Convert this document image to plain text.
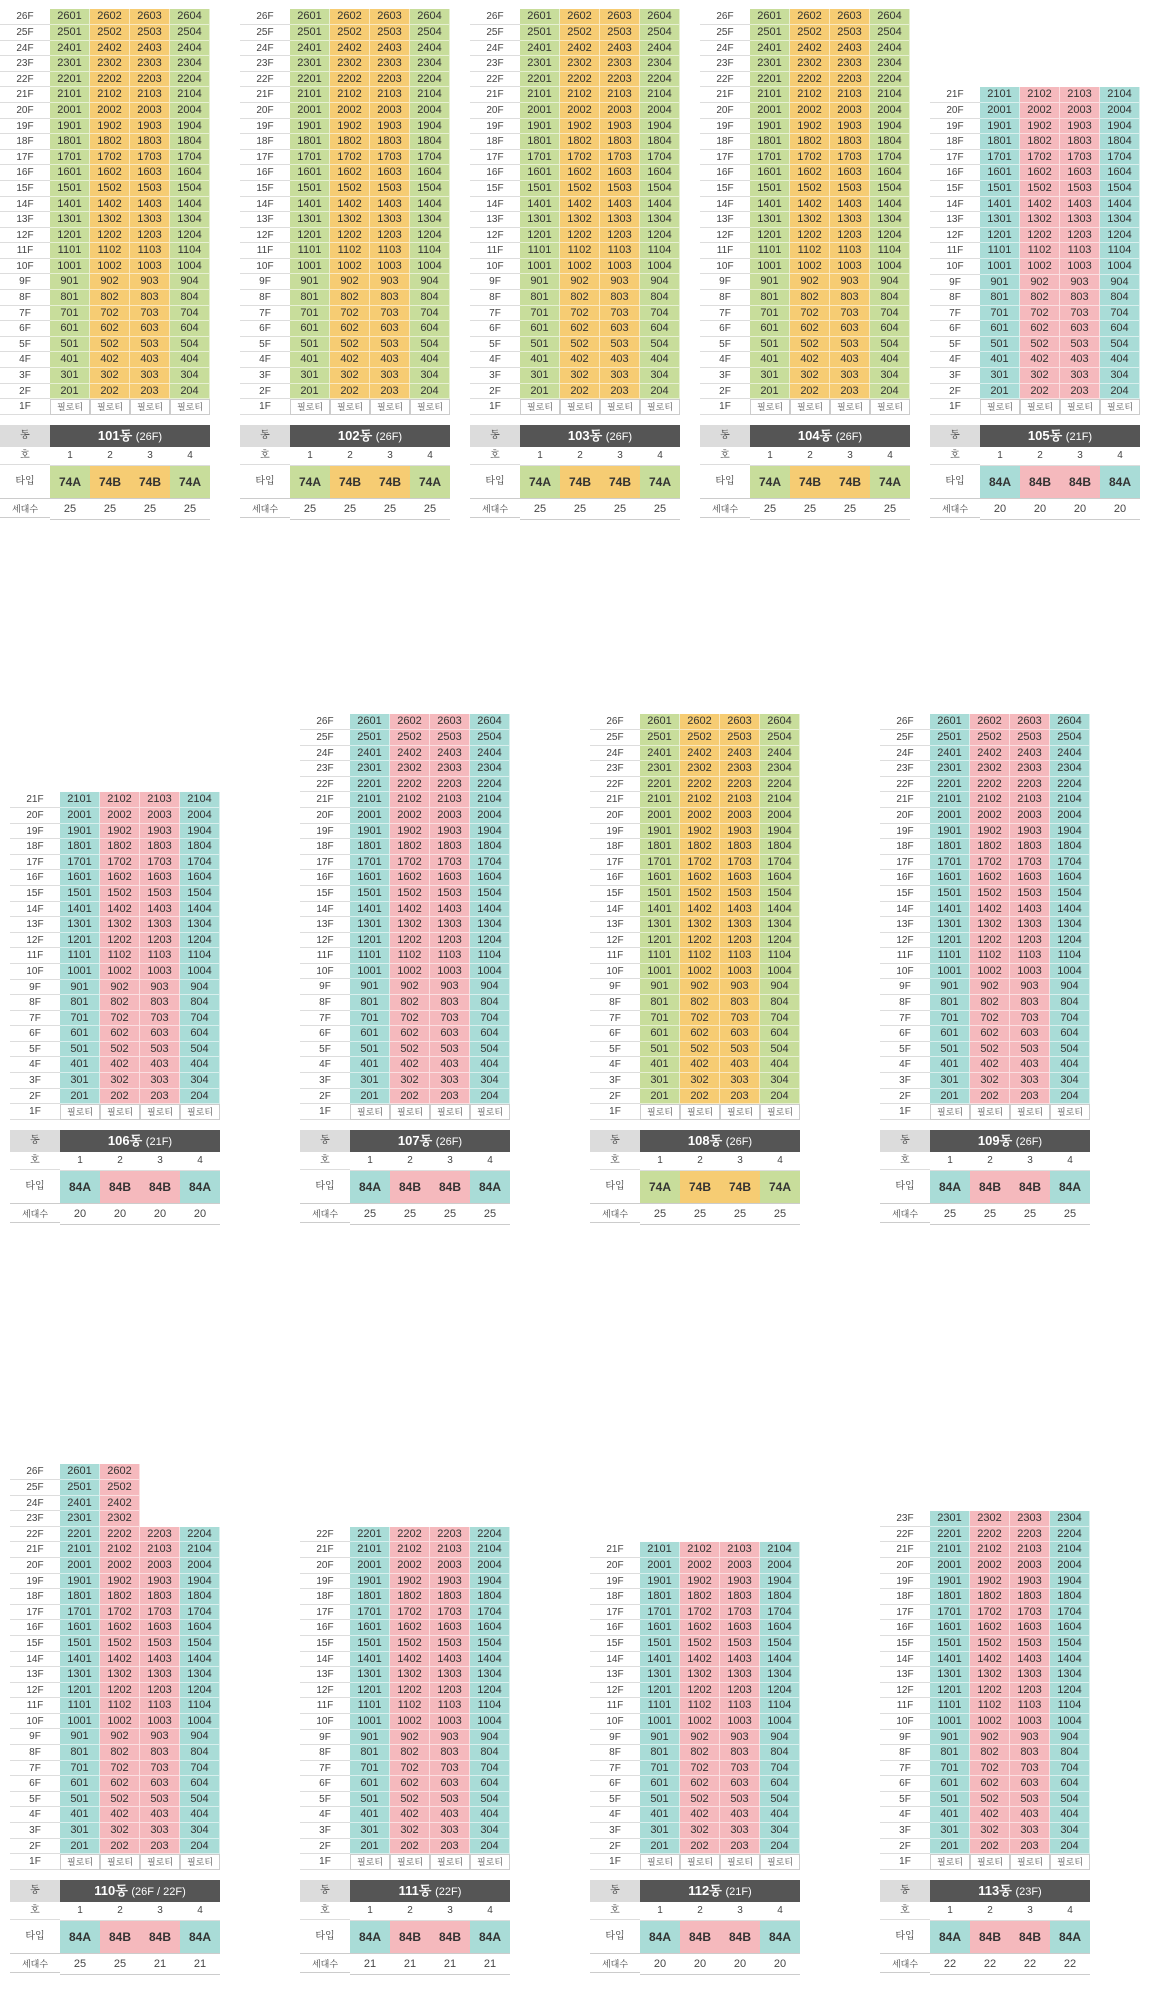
26F	2601	2602	2603	2604
25F	2501	2502	2503	2504
24F	2401	2402	2403	2404
23F	2301	2302	2303	2304
22F	2201	2202	2203	2204
21F	2101	2102	2103	2104
20F	2001	2002	2003	2004
19F	1901	1902	1903	1904
18F	1801	1802	1803	1804
17F	1701	1702	1703	1704
16F	1601	1602	1603	1604
15F	1501	1502	1503	1504
14F	1401	1402	1403	1404
13F	1301	1302	1303	1304
12F	1201	1202	1203	1204
11F	1101	1102	1103	1104
10F	1001	1002	1003	1004
9F	901	902	903	904
8F	801	802	803	804
7F	701	702	703	704
6F	601	602	603	604
5F	501	502	503	504
4F	401	402	403	404
3F	301	302	303	304
2F	201	202	203	204
1F	필로티	필로티	필로티	필로티
동	101동 (26F)
호	1	2	3	4
타입	74A	74B	74B	74A
세대수	25	25	25	25
26F	2601	2602	2603	2604
25F	2501	2502	2503	2504
24F	2401	2402	2403	2404
23F	2301	2302	2303	2304
22F	2201	2202	2203	2204
21F	2101	2102	2103	2104
20F	2001	2002	2003	2004
19F	1901	1902	1903	1904
18F	1801	1802	1803	1804
17F	1701	1702	1703	1704
16F	1601	1602	1603	1604
15F	1501	1502	1503	1504
14F	1401	1402	1403	1404
13F	1301	1302	1303	1304
12F	1201	1202	1203	1204
11F	1101	1102	1103	1104
10F	1001	1002	1003	1004
9F	901	902	903	904
8F	801	802	803	804
7F	701	702	703	704
6F	601	602	603	604
5F	501	502	503	504
4F	401	402	403	404
3F	301	302	303	304
2F	201	202	203	204
1F	필로티	필로티	필로티	필로티
동	102동 (26F)
호	1	2	3	4
타입	74A	74B	74B	74A
세대수	25	25	25	25
26F	2601	2602	2603	2604
25F	2501	2502	2503	2504
24F	2401	2402	2403	2404
23F	2301	2302	2303	2304
22F	2201	2202	2203	2204
21F	2101	2102	2103	2104
20F	2001	2002	2003	2004
19F	1901	1902	1903	1904
18F	1801	1802	1803	1804
17F	1701	1702	1703	1704
16F	1601	1602	1603	1604
15F	1501	1502	1503	1504
14F	1401	1402	1403	1404
13F	1301	1302	1303	1304
12F	1201	1202	1203	1204
11F	1101	1102	1103	1104
10F	1001	1002	1003	1004
9F	901	902	903	904
8F	801	802	803	804
7F	701	702	703	704
6F	601	602	603	604
5F	501	502	503	504
4F	401	402	403	404
3F	301	302	303	304
2F	201	202	203	204
1F	필로티	필로티	필로티	필로티
동	103동 (26F)
호	1	2	3	4
타입	74A	74B	74B	74A
세대수	25	25	25	25
26F	2601	2602	2603	2604
25F	2501	2502	2503	2504
24F	2401	2402	2403	2404
23F	2301	2302	2303	2304
22F	2201	2202	2203	2204
21F	2101	2102	2103	2104
20F	2001	2002	2003	2004
19F	1901	1902	1903	1904
18F	1801	1802	1803	1804
17F	1701	1702	1703	1704
16F	1601	1602	1603	1604
15F	1501	1502	1503	1504
14F	1401	1402	1403	1404
13F	1301	1302	1303	1304
12F	1201	1202	1203	1204
11F	1101	1102	1103	1104
10F	1001	1002	1003	1004
9F	901	902	903	904
8F	801	802	803	804
7F	701	702	703	704
6F	601	602	603	604
5F	501	502	503	504
4F	401	402	403	404
3F	301	302	303	304
2F	201	202	203	204
1F	필로티	필로티	필로티	필로티
동	104동 (26F)
호	1	2	3	4
타입	74A	74B	74B	74A
세대수	25	25	25	25
21F	2101	2102	2103	2104
20F	2001	2002	2003	2004
19F	1901	1902	1903	1904
18F	1801	1802	1803	1804
17F	1701	1702	1703	1704
16F	1601	1602	1603	1604
15F	1501	1502	1503	1504
14F	1401	1402	1403	1404
13F	1301	1302	1303	1304
12F	1201	1202	1203	1204
11F	1101	1102	1103	1104
10F	1001	1002	1003	1004
9F	901	902	903	904
8F	801	802	803	804
7F	701	702	703	704
6F	601	602	603	604
5F	501	502	503	504
4F	401	402	403	404
3F	301	302	303	304
2F	201	202	203	204
1F	필로티	필로티	필로티	필로티
동	105동 (21F)
호	1	2	3	4
타입	84A	84B	84B	84A
세대수	20	20	20	20
21F	2101	2102	2103	2104
20F	2001	2002	2003	2004
19F	1901	1902	1903	1904
18F	1801	1802	1803	1804
17F	1701	1702	1703	1704
16F	1601	1602	1603	1604
15F	1501	1502	1503	1504
14F	1401	1402	1403	1404
13F	1301	1302	1303	1304
12F	1201	1202	1203	1204
11F	1101	1102	1103	1104
10F	1001	1002	1003	1004
9F	901	902	903	904
8F	801	802	803	804
7F	701	702	703	704
6F	601	602	603	604
5F	501	502	503	504
4F	401	402	403	404
3F	301	302	303	304
2F	201	202	203	204
1F	필로티	필로티	필로티	필로티
동	106동 (21F)
호	1	2	3	4
타입	84A	84B	84B	84A
세대수	20	20	20	20
26F	2601	2602	2603	2604
25F	2501	2502	2503	2504
24F	2401	2402	2403	2404
23F	2301	2302	2303	2304
22F	2201	2202	2203	2204
21F	2101	2102	2103	2104
20F	2001	2002	2003	2004
19F	1901	1902	1903	1904
18F	1801	1802	1803	1804
17F	1701	1702	1703	1704
16F	1601	1602	1603	1604
15F	1501	1502	1503	1504
14F	1401	1402	1403	1404
13F	1301	1302	1303	1304
12F	1201	1202	1203	1204
11F	1101	1102	1103	1104
10F	1001	1002	1003	1004
9F	901	902	903	904
8F	801	802	803	804
7F	701	702	703	704
6F	601	602	603	604
5F	501	502	503	504
4F	401	402	403	404
3F	301	302	303	304
2F	201	202	203	204
1F	필로티	필로티	필로티	필로티
동	107동 (26F)
호	1	2	3	4
타입	84A	84B	84B	84A
세대수	25	25	25	25
26F	2601	2602	2603	2604
25F	2501	2502	2503	2504
24F	2401	2402	2403	2404
23F	2301	2302	2303	2304
22F	2201	2202	2203	2204
21F	2101	2102	2103	2104
20F	2001	2002	2003	2004
19F	1901	1902	1903	1904
18F	1801	1802	1803	1804
17F	1701	1702	1703	1704
16F	1601	1602	1603	1604
15F	1501	1502	1503	1504
14F	1401	1402	1403	1404
13F	1301	1302	1303	1304
12F	1201	1202	1203	1204
11F	1101	1102	1103	1104
10F	1001	1002	1003	1004
9F	901	902	903	904
8F	801	802	803	804
7F	701	702	703	704
6F	601	602	603	604
5F	501	502	503	504
4F	401	402	403	404
3F	301	302	303	304
2F	201	202	203	204
1F	필로티	필로티	필로티	필로티
동	108동 (26F)
호	1	2	3	4
타입	74A	74B	74B	74A
세대수	25	25	25	25
26F	2601	2602	2603	2604
25F	2501	2502	2503	2504
24F	2401	2402	2403	2404
23F	2301	2302	2303	2304
22F	2201	2202	2203	2204
21F	2101	2102	2103	2104
20F	2001	2002	2003	2004
19F	1901	1902	1903	1904
18F	1801	1802	1803	1804
17F	1701	1702	1703	1704
16F	1601	1602	1603	1604
15F	1501	1502	1503	1504
14F	1401	1402	1403	1404
13F	1301	1302	1303	1304
12F	1201	1202	1203	1204
11F	1101	1102	1103	1104
10F	1001	1002	1003	1004
9F	901	902	903	904
8F	801	802	803	804
7F	701	702	703	704
6F	601	602	603	604
5F	501	502	503	504
4F	401	402	403	404
3F	301	302	303	304
2F	201	202	203	204
1F	필로티	필로티	필로티	필로티
동	109동 (26F)
호	1	2	3	4
타입	84A	84B	84B	84A
세대수	25	25	25	25
26F	2601	2602
25F	2501	2502
24F	2401	2402
23F	2301	2302
22F	2201	2202	2203	2204
21F	2101	2102	2103	2104
20F	2001	2002	2003	2004
19F	1901	1902	1903	1904
18F	1801	1802	1803	1804
17F	1701	1702	1703	1704
16F	1601	1602	1603	1604
15F	1501	1502	1503	1504
14F	1401	1402	1403	1404
13F	1301	1302	1303	1304
12F	1201	1202	1203	1204
11F	1101	1102	1103	1104
10F	1001	1002	1003	1004
9F	901	902	903	904
8F	801	802	803	804
7F	701	702	703	704
6F	601	602	603	604
5F	501	502	503	504
4F	401	402	403	404
3F	301	302	303	304
2F	201	202	203	204
1F	필로티	필로티	필로티	필로티
동	110동 (26F / 22F)
호	1	2	3	4
타입	84A	84B	84B	84A
세대수	25	25	21	21
22F	2201	2202	2203	2204
21F	2101	2102	2103	2104
20F	2001	2002	2003	2004
19F	1901	1902	1903	1904
18F	1801	1802	1803	1804
17F	1701	1702	1703	1704
16F	1601	1602	1603	1604
15F	1501	1502	1503	1504
14F	1401	1402	1403	1404
13F	1301	1302	1303	1304
12F	1201	1202	1203	1204
11F	1101	1102	1103	1104
10F	1001	1002	1003	1004
9F	901	902	903	904
8F	801	802	803	804
7F	701	702	703	704
6F	601	602	603	604
5F	501	502	503	504
4F	401	402	403	404
3F	301	302	303	304
2F	201	202	203	204
1F	필로티	필로티	필로티	필로티
동	111동 (22F)
호	1	2	3	4
타입	84A	84B	84B	84A
세대수	21	21	21	21
21F	2101	2102	2103	2104
20F	2001	2002	2003	2004
19F	1901	1902	1903	1904
18F	1801	1802	1803	1804
17F	1701	1702	1703	1704
16F	1601	1602	1603	1604
15F	1501	1502	1503	1504
14F	1401	1402	1403	1404
13F	1301	1302	1303	1304
12F	1201	1202	1203	1204
11F	1101	1102	1103	1104
10F	1001	1002	1003	1004
9F	901	902	903	904
8F	801	802	803	804
7F	701	702	703	704
6F	601	602	603	604
5F	501	502	503	504
4F	401	402	403	404
3F	301	302	303	304
2F	201	202	203	204
1F	필로티	필로티	필로티	필로티
동	112동 (21F)
호	1	2	3	4
타입	84A	84B	84B	84A
세대수	20	20	20	20
23F	2301	2302	2303	2304
22F	2201	2202	2203	2204
21F	2101	2102	2103	2104
20F	2001	2002	2003	2004
19F	1901	1902	1903	1904
18F	1801	1802	1803	1804
17F	1701	1702	1703	1704
16F	1601	1602	1603	1604
15F	1501	1502	1503	1504
14F	1401	1402	1403	1404
13F	1301	1302	1303	1304
12F	1201	1202	1203	1204
11F	1101	1102	1103	1104
10F	1001	1002	1003	1004
9F	901	902	903	904
8F	801	802	803	804
7F	701	702	703	704
6F	601	602	603	604
5F	501	502	503	504
4F	401	402	403	404
3F	301	302	303	304
2F	201	202	203	204
1F	필로티	필로티	필로티	필로티
동	113동 (23F)
호	1	2	3	4
타입	84A	84B	84B	84A
세대수	22	22	22	22
